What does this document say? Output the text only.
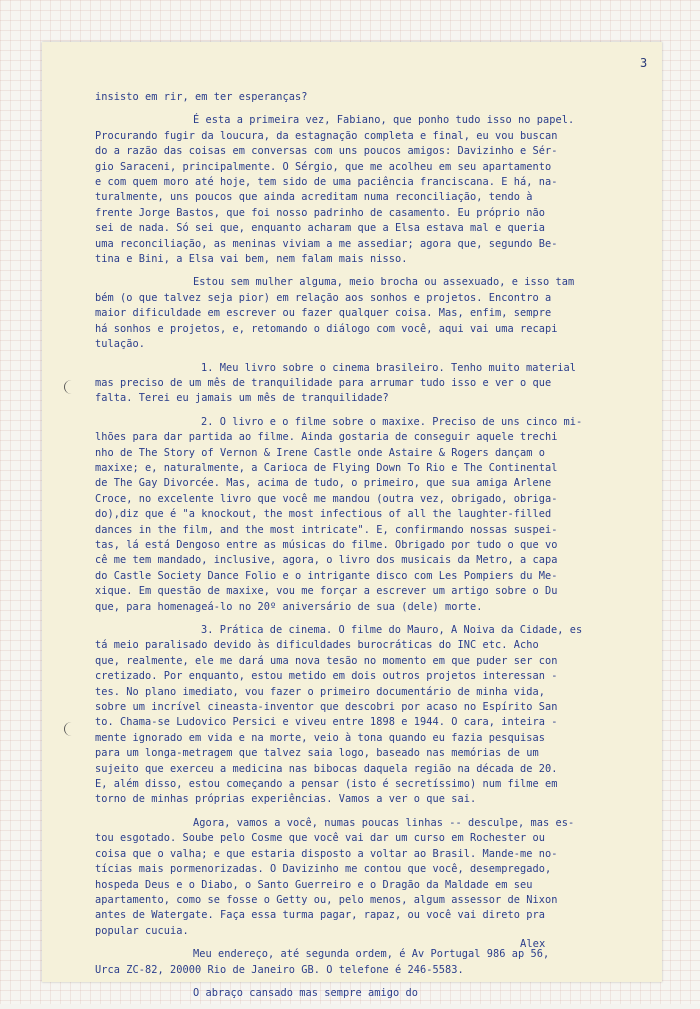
3

insisto em rir, em ter esperanças?

É esta a primeira vez, Fabiano, que ponho tudo isso no papel.
Procurando fugir da loucura, da estagnação completa e final, eu vou buscan
do a razão das coisas em conversas com uns poucos amigos: Davizinho e Sér-
gio Saraceni, principalmente. O Sérgio, que me acolheu em seu apartamento
e com quem moro até hoje, tem sido de uma paciência franciscana. E há, na-
turalmente, uns poucos que ainda acreditam numa reconciliação, tendo à
frente Jorge Bastos, que foi nosso padrinho de casamento. Eu próprio não
sei de nada. Só sei que, enquanto acharam que a Elsa estava mal e queria
uma reconciliação, as meninas viviam a me assediar; agora que, segundo Be-
tina e Bini, a Elsa vai bem, nem falam mais nisso.

Estou sem mulher alguma, meio brocha ou assexuado, e isso tam
bém (o que talvez seja pior) em relação aos sonhos e projetos. Encontro a
maior dificuldade em escrever ou fazer qualquer coisa. Mas, enfim, sempre
há sonhos e projetos, e, retomando o diálogo com você, aqui vai uma recapi
tulação.

1. Meu livro sobre o cinema brasileiro. Tenho muito material
mas preciso de um mês de tranquilidade para arrumar tudo isso e ver o que
falta. Terei eu jamais um mês de tranquilidade?

2. O livro e o filme sobre o maxixe. Preciso de uns cinco mi-
lhões para dar partida ao filme. Ainda gostaria de conseguir aquele trechi
nho de The Story of Vernon & Irene Castle onde Astaire & Rogers dançam o
maxixe; e, naturalmente, a Carioca de Flying Down To Rio e The Continental
de The Gay Divorcée. Mas, acima de tudo, o primeiro, que sua amiga Arlene
Croce, no excelente livro que você me mandou (outra vez, obrigado, obriga-
do),diz que é "a knockout, the most infectious of all the laughter-filled
dances in the film, and the most intricate". E, confirmando nossas suspei-
tas, lá está Dengoso entre as músicas do filme. Obrigado por tudo o que vo
cê me tem mandado, inclusive, agora, o livro dos musicais da Metro, a capa
do Castle Society Dance Folio e o intrigante disco com Les Pompiers du Me-
xique. Em questão de maxixe, vou me forçar a escrever um artigo sobre o Du
que, para homenageá-lo no 20º aniversário de sua (dele) morte.

3. Prática de cinema. O filme do Mauro, A Noiva da Cidade, es
tá meio paralisado devido às dificuldades burocráticas do INC etc. Acho
que, realmente, ele me dará uma nova tesão no momento em que puder ser con
cretizado. Por enquanto, estou metido em dois outros projetos interessan -
tes. No plano imediato, vou fazer o primeiro documentário de minha vida,
sobre um incrível cineasta-inventor que descobri por acaso no Espírito San
to. Chama-se Ludovico Persici e viveu entre 1898 e 1944. O cara, inteira -
mente ignorado em vida e na morte, veio à tona quando eu fazia pesquisas
para um longa-metragem que talvez saia logo, baseado nas memórias de um
sujeito que exerceu a medicina nas bibocas daquela região na década de 20.
E, além disso, estou começando a pensar (isto é secretíssimo) num filme em
torno de minhas próprias experiências. Vamos a ver o que sai.

Agora, vamos a você, numas poucas linhas -- desculpe, mas es-
tou esgotado. Soube pelo Cosme que você vai dar um curso em Rochester ou
coisa que o valha; e que estaria disposto a voltar ao Brasil. Mande-me no-
tícias mais pormenorizadas. O Davizinho me contou que você, desempregado,
hospeda Deus e o Diabo, o Santo Guerreiro e o Dragão da Maldade em seu
apartamento, como se fosse o Getty ou, pelo menos, algum assessor de Nixon
antes de Watergate. Faça essa turma pagar, rapaz, ou você vai direto pra
popular cucuia.

Meu endereço, até segunda ordem, é Av Portugal 986 ap 56,
Urca ZC-82, 20000 Rio de Janeiro GB. O telefone é 246-5583.

O abraço cansado mas sempre amigo do

Alex
